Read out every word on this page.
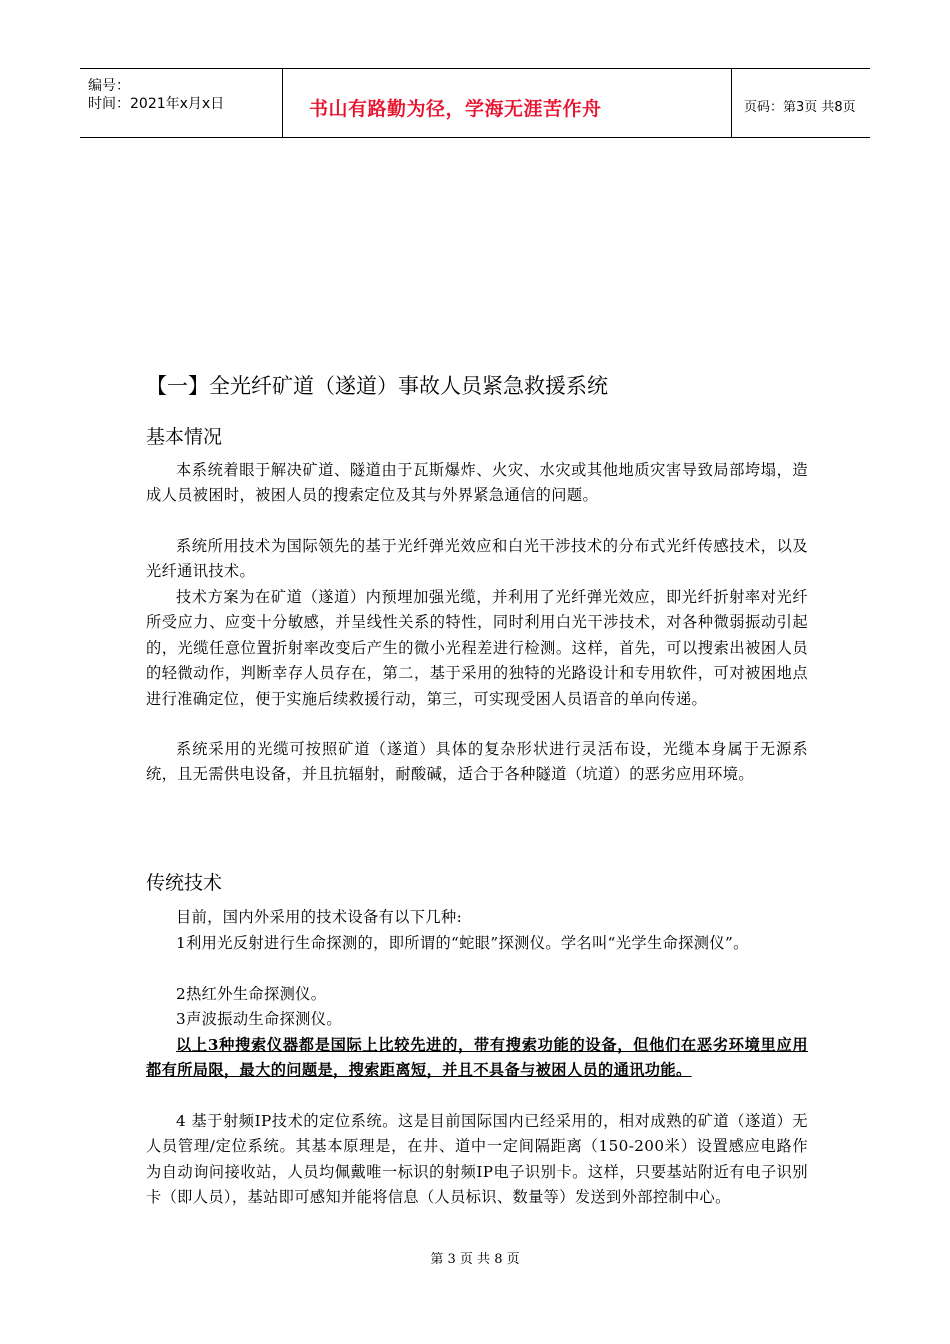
编号：
时间：2021年x月x日	书山有路勤为径，学海无涯苦作舟	页码：第3页 共8页
【一】全光纤矿道（遂道）事故人员紧急救援系统
基本情况
本系统着眼于解决矿道、隧道由于瓦斯爆炸、火灾、水灾或其他地质灾害导致局部垮塌，造成人员被困时，被困人员的搜索定位及其与外界紧急通信的问题。
系统所用技术为国际领先的基于光纤弹光效应和白光干涉技术的分布式光纤传感技术，以及光纤通讯技术。
技术方案为在矿道（遂道）内预埋加强光缆，并利用了光纤弹光效应，即光纤折射率对光纤所受应力、应变十分敏感，并呈线性关系的特性，同时利用白光干涉技术，对各种微弱振动引起的，光缆任意位置折射率改变后产生的微小光程差进行检测。这样，首先，可以搜索出被困人员的轻微动作，判断幸存人员存在，第二，基于采用的独特的光路设计和专用软件，可对被困地点进行准确定位，便于实施后续救援行动，第三，可实现受困人员语音的单向传递。
系统采用的光缆可按照矿道（遂道）具体的复杂形状进行灵活布设，光缆本身属于无源系统，且无需供电设备，并且抗辐射，耐酸碱，适合于各种隧道（坑道）的恶劣应用环境。
传统技术
目前，国内外采用的技术设备有以下几种:
1利用光反射进行生命探测的，即所谓的“蛇眼”探测仪。学名叫“光学生命探测仪”。
2热红外生命探测仪。
3声波振动生命探测仪。
以上3种搜索仪器都是国际上比较先进的，带有搜索功能的设备，但他们在恶劣环境里应用都有所局限，最大的问题是，搜索距离短，并且不具备与被困人员的通讯功能。
4 基于射频IP技术的定位系统。这是目前国际国内已经采用的，相对成熟的矿道（遂道）无人员管理/定位系统。其基本原理是，在井、道中一定间隔距离（150-200米）设置感应电路作为自动询问接收站，人员均佩戴唯一标识的射频IP电子识别卡。这样，只要基站附近有电子识别卡（即人员），基站即可感知并能将信息（人员标识、数量等）发送到外部控制中心。
第 3 页 共 8 页
